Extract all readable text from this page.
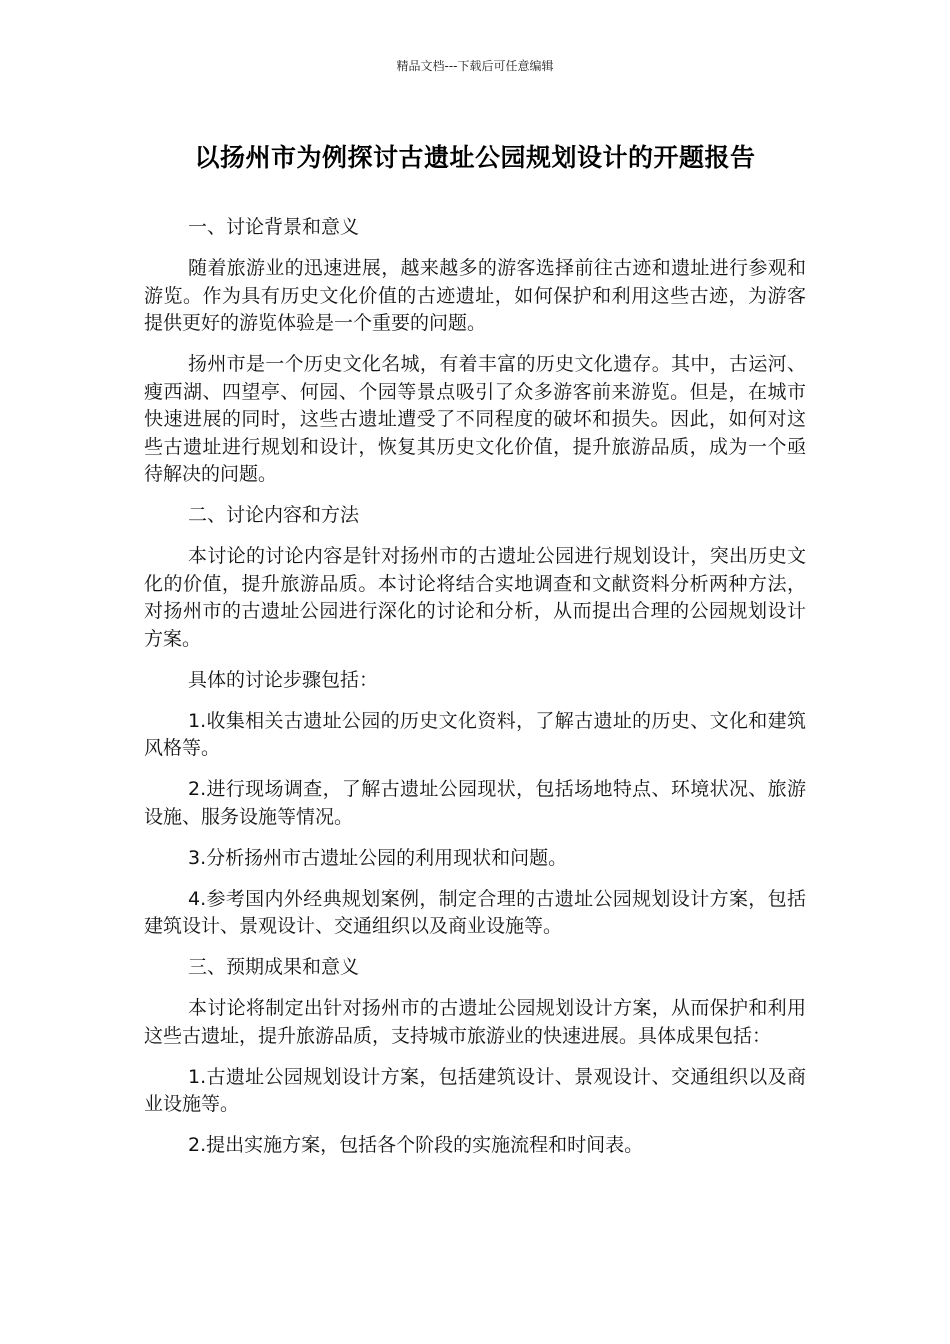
精品文档---下载后可任意编辑
以扬州市为例探讨古遗址公园规划设计的开题报告

一、讨论背景和意义

随着旅游业的迅速进展，越来越多的游客选择前往古迹和遗址进行参观和游览。作为具有历史文化价值的古迹遗址，如何保护和利用这些古迹，为游客提供更好的游览体验是一个重要的问题。

扬州市是一个历史文化名城，有着丰富的历史文化遗存。其中，古运河、瘦西湖、四望亭、何园、个园等景点吸引了众多游客前来游览。但是，在城市快速进展的同时，这些古遗址遭受了不同程度的破坏和损失。因此，如何对这些古遗址进行规划和设计，恢复其历史文化价值，提升旅游品质，成为一个亟待解决的问题。

二、讨论内容和方法

本讨论的讨论内容是针对扬州市的古遗址公园进行规划设计，突出历史文化的价值，提升旅游品质。本讨论将结合实地调查和文献资料分析两种方法，对扬州市的古遗址公园进行深化的讨论和分析，从而提出合理的公园规划设计方案。

具体的讨论步骤包括：

1.收集相关古遗址公园的历史文化资料，了解古遗址的历史、文化和建筑风格等。

2.进行现场调查，了解古遗址公园现状，包括场地特点、环境状况、旅游设施、服务设施等情况。

3.分析扬州市古遗址公园的利用现状和问题。

4.参考国内外经典规划案例，制定合理的古遗址公园规划设计方案，包括建筑设计、景观设计、交通组织以及商业设施等。

三、预期成果和意义

本讨论将制定出针对扬州市的古遗址公园规划设计方案，从而保护和利用这些古遗址，提升旅游品质，支持城市旅游业的快速进展。具体成果包括：

1.古遗址公园规划设计方案，包括建筑设计、景观设计、交通组织以及商业设施等。

2.提出实施方案，包括各个阶段的实施流程和时间表。
